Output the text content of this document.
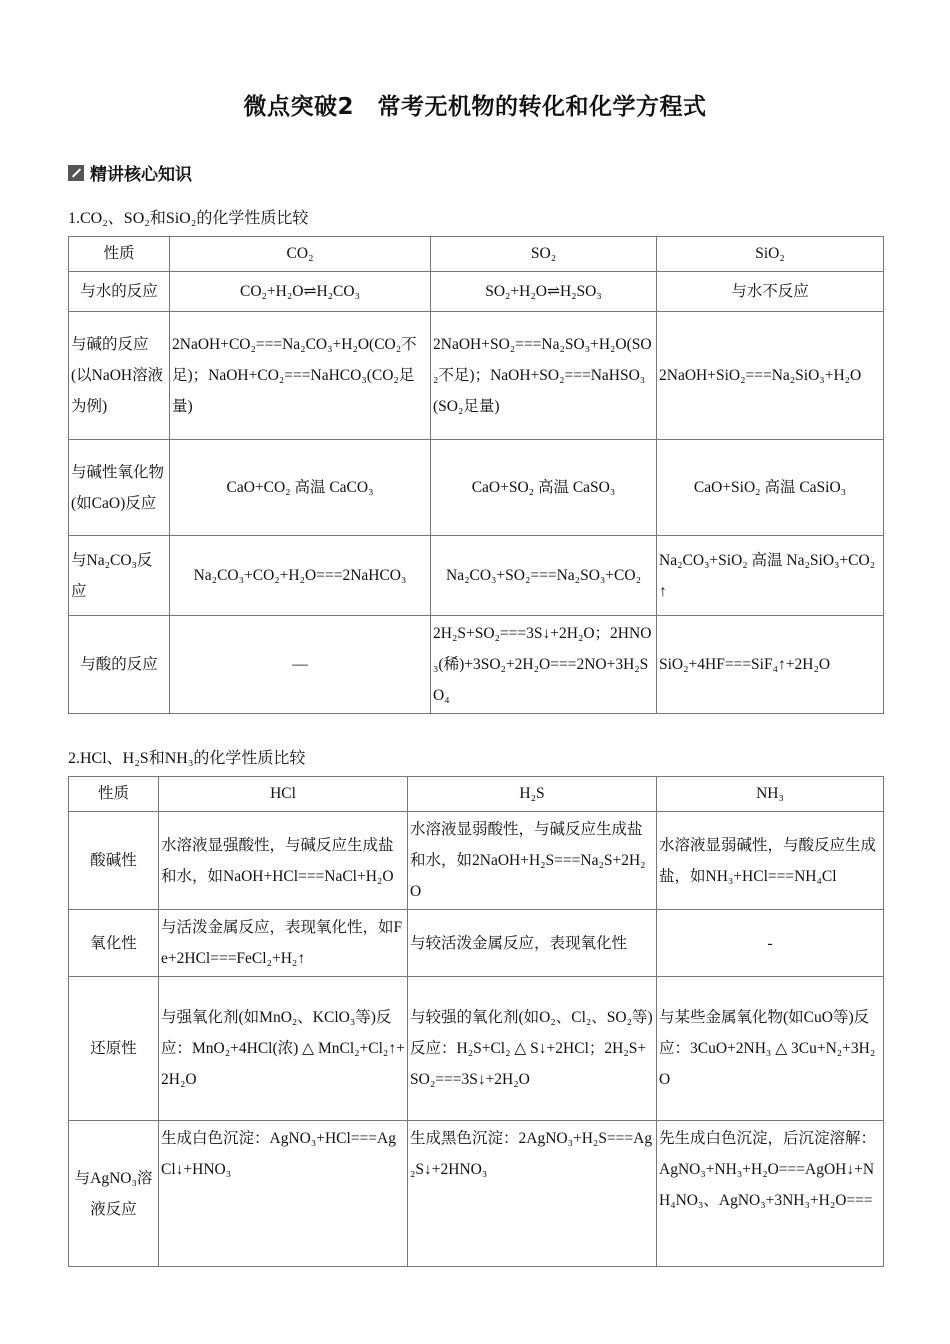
微点突破2　常考无机物的转化和化学方程式
精讲核心知识
1.CO₂、SO₂和SiO₂的化学性质比较
性质	CO₂	SO₂	SiO₂
与水的反应	CO₂+H₂O⇌H₂CO₃	SO₂+H₂O⇌H₂SO₃	与水不反应
与碱的反应(以NaOH溶液为例)	2NaOH+CO₂===Na₂CO₃+H₂O(CO₂不足)；NaOH+CO₂===NaHCO₃(CO₂足量)	2NaOH+SO₂===Na₂SO₃+H₂O(SO₂不足)；NaOH+SO₂===NaHSO₃(SO₂足量)	2NaOH+SiO₂===Na₂SiO₃+H₂O
与碱性氧化物(如CaO)反应	CaO+CO₂ 高温 CaCO₃	CaO+SO₂ 高温 CaSO₃	CaO+SiO₂ 高温 CaSiO₃
与Na₂CO₃反应	Na₂CO₃+CO₂+H₂O===2NaHCO₃	Na₂CO₃+SO₂===Na₂SO₃+CO₂	Na₂CO₃+SiO₂ 高温 Na₂SiO₃+CO₂↑
与酸的反应	—	2H₂S+SO₂===3S↓+2H₂O；2HNO₃(稀)+3SO₂+2H₂O===2NO+3H₂SO₄	SiO₂+4HF===SiF₄↑+2H₂O
2.HCl、H₂S和NH₃的化学性质比较
性质	HCl	H₂S	NH₃
酸碱性	水溶液显强酸性，与碱反应生成盐和水，如NaOH+HCl===NaCl+H₂O	水溶液显弱酸性，与碱反应生成盐和水，如2NaOH+H₂S===Na₂S+2H₂O	水溶液显弱碱性，与酸反应生成盐，如NH₃+HCl===NH₄Cl
氧化性	与活泼金属反应，表现氧化性，如Fe+2HCl===FeCl₂+H₂↑	与较活泼金属反应，表现氧化性	-
还原性	与强氧化剂(如MnO₂、KClO₃等)反应：MnO₂+4HCl(浓) △ MnCl₂+Cl₂↑+2H₂O	与较强的氧化剂(如O₂、Cl₂、SO₂等)反应：H₂S+Cl₂ △ S↓+2HCl；2H₂S+SO₂===3S↓+2H₂O	与某些金属氧化物(如CuO等)反应：3CuO+2NH₃ △ 3Cu+N₂+3H₂O
与AgNO₃溶液反应	生成白色沉淀：AgNO₃+HCl===AgCl↓+HNO₃	生成黑色沉淀：2AgNO₃+H₂S===Ag₂S↓+2HNO₃	先生成白色沉淀，后沉淀溶解：AgNO₃+NH₃+H₂O===AgOH↓+NH₄NO₃、AgNO₃+3NH₃+H₂O===
